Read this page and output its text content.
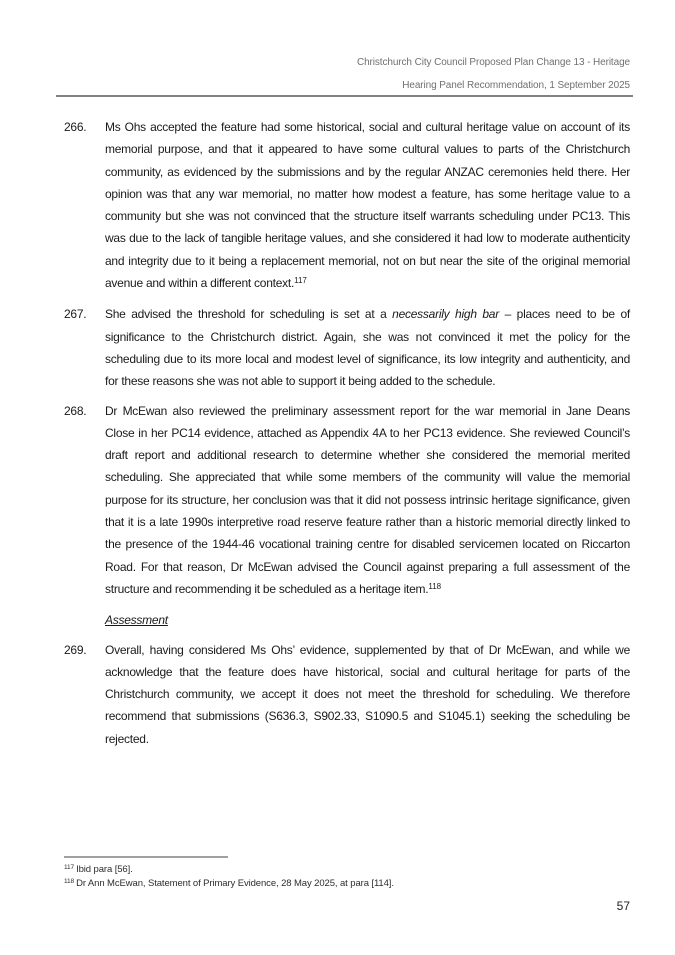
Christchurch City Council Proposed Plan Change 13 - Heritage
Hearing Panel Recommendation, 1 September 2025
266.	Ms Ohs accepted the feature had some historical, social and cultural heritage value on account of its memorial purpose, and that it appeared to have some cultural values to parts of the Christchurch community, as evidenced by the submissions and by the regular ANZAC ceremonies held there. Her opinion was that any war memorial, no matter how modest a feature, has some heritage value to a community but she was not convinced that the structure itself warrants scheduling under PC13. This was due to the lack of tangible heritage values, and she considered it had low to moderate authenticity and integrity due to it being a replacement memorial, not on but near the site of the original memorial avenue and within a different context.$^{117}$
267.	She advised the threshold for scheduling is set at a necessarily high bar – places need to be of significance to the Christchurch district. Again, she was not convinced it met the policy for the scheduling due to its more local and modest level of significance, its low integrity and authenticity, and for these reasons she was not able to support it being added to the schedule.
268.	Dr McEwan also reviewed the preliminary assessment report for the war memorial in Jane Deans Close in her PC14 evidence, attached as Appendix 4A to her PC13 evidence. She reviewed Council’s draft report and additional research to determine whether she considered the memorial merited scheduling. She appreciated that while some members of the community will value the memorial purpose for its structure, her conclusion was that it did not possess intrinsic heritage significance, given that it is a late 1990s interpretive road reserve feature rather than a historic memorial directly linked to the presence of the 1944-46 vocational training centre for disabled servicemen located on Riccarton Road. For that reason, Dr McEwan advised the Council against preparing a full assessment of the structure and recommending it be scheduled as a heritage item.$^{118}$
Assessment
269.	Overall, having considered Ms Ohs’ evidence, supplemented by that of Dr McEwan, and while we acknowledge that the feature does have historical, social and cultural heritage for parts of the Christchurch community, we accept it does not meet the threshold for scheduling. We therefore recommend that submissions (S636.3, S902.33, S1090.5 and S1045.1) seeking the scheduling be rejected.
$^{117}$ Ibid para [56].
$^{118}$ Dr Ann McEwan, Statement of Primary Evidence, 28 May 2025, at para [114].
57
